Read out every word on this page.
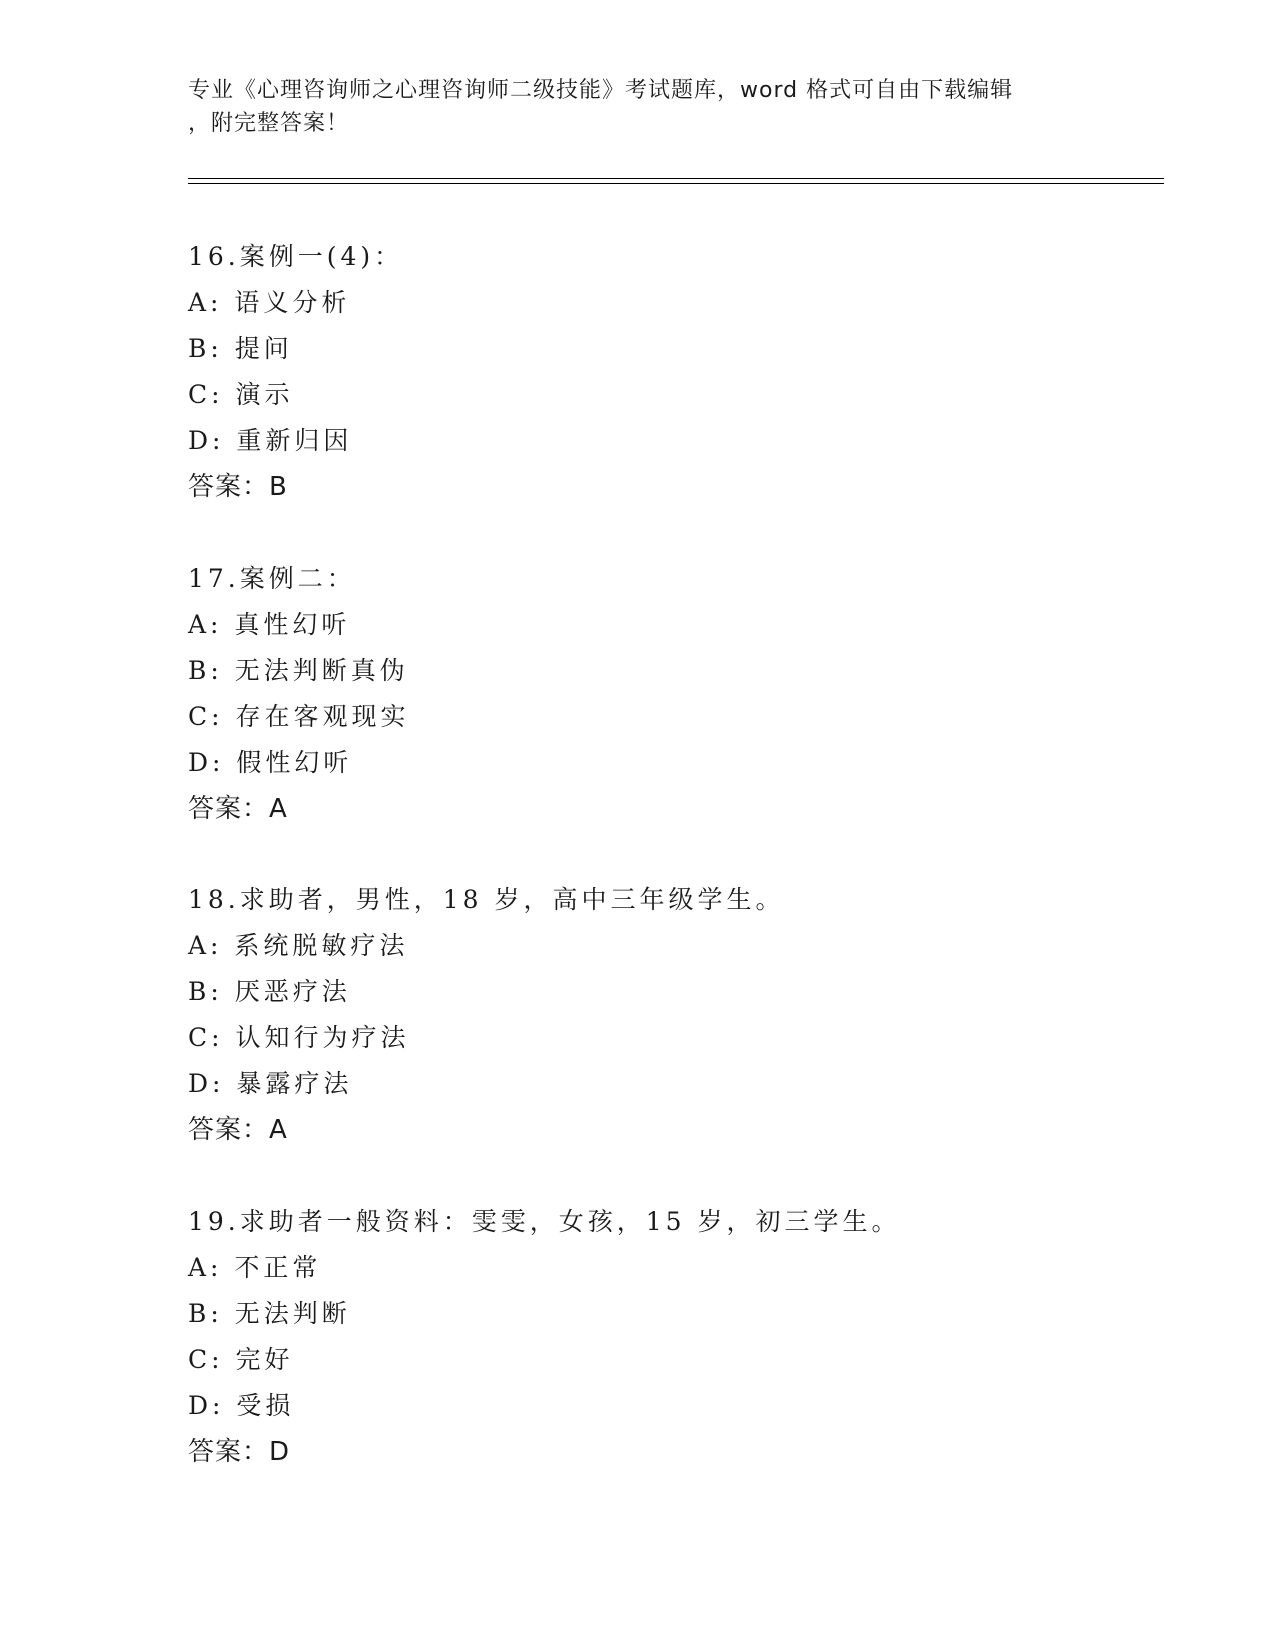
专业《心理咨询师之心理咨询师二级技能》考试题库，word 格式可自由下载编辑
，附完整答案！
16.案例一(4)：
A: 语义分析
B: 提问
C: 演示
D: 重新归因
答案：B
17.案例二：
A: 真性幻听
B: 无法判断真伪
C: 存在客观现实
D: 假性幻听
答案：A
18.求助者，男性，18 岁，高中三年级学生。
A: 系统脱敏疗法
B: 厌恶疗法
C: 认知行为疗法
D: 暴露疗法
答案：A
19.求助者一般资料：雯雯，女孩，15 岁，初三学生。
A: 不正常
B: 无法判断
C: 完好
D: 受损
答案：D
